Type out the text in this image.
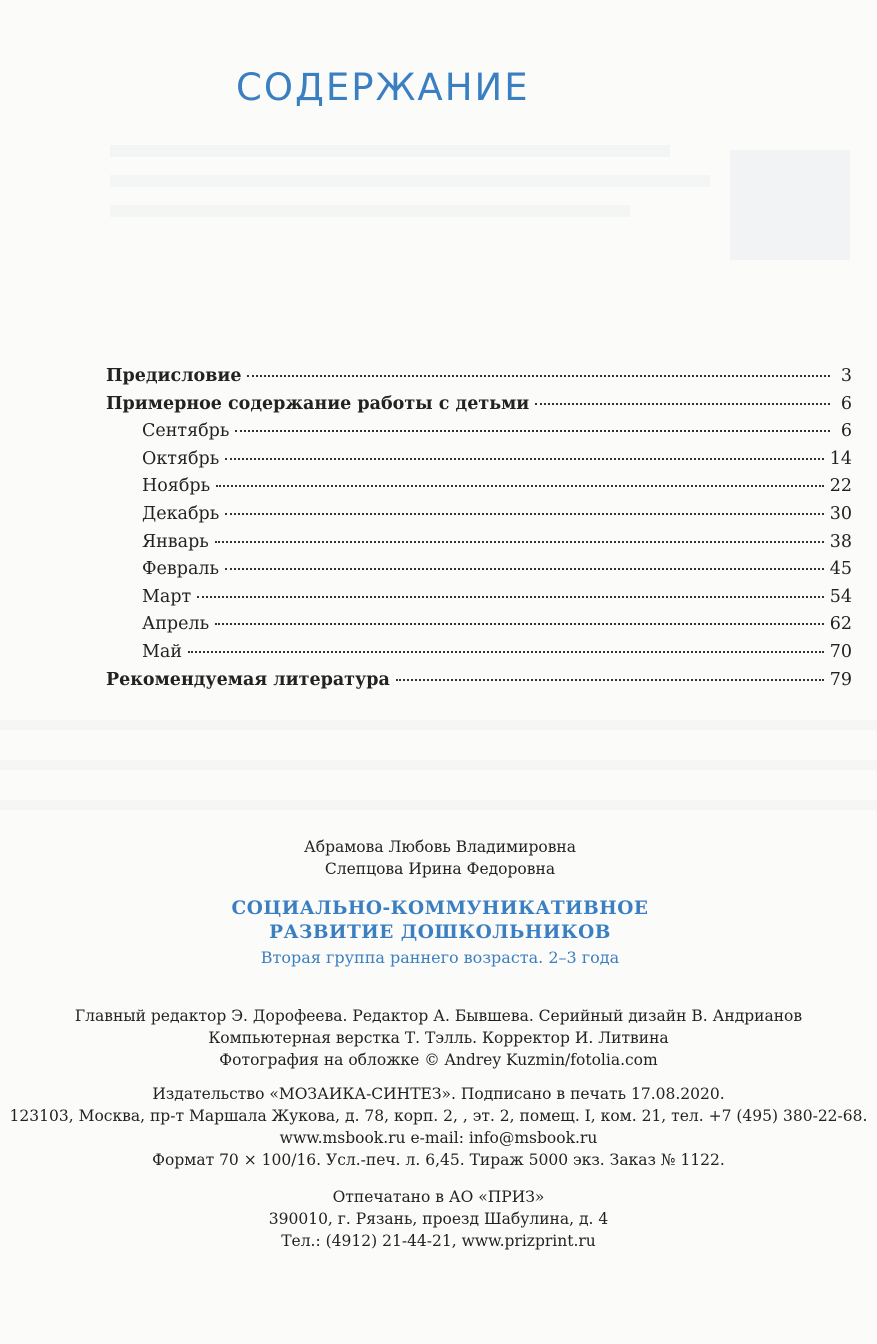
СОДЕРЖАНИЕ
Предисловие	3
Примерное содержание работы с детьми	6
Сентябрь	6
Октябрь	14
Ноябрь	22
Декабрь	30
Январь	38
Февраль	45
Март	54
Апрель	62
Май	70
Рекомендуемая литература	79

Абрамова Любовь Владимировна

Слепцова Ирина Федоровна

СОЦИАЛЬНО-КОММУНИКАТИВНОЕ

РАЗВИТИЕ ДОШКОЛЬНИКОВ

Вторая группа раннего возраста. 2–3 года

Главный редактор Э. Дорофеева. Редактор А. Бывшева. Серийный дизайн В. Андрианов

Компьютерная верстка Т. Тэлль. Корректор И. Литвина

Фотография на обложке © Andrey Kuzmin/fotolia.com

Издательство «МОЗАИКА-СИНТЕЗ». Подписано в печать 17.08.2020.

123103, Москва, пр-т Маршала Жукова, д. 78, корп. 2, , эт. 2, помещ. I, ком. 21, тел. +7 (495) 380-22-68.

www.msbook.ru e-mail: info@msbook.ru

Формат 70 × 100/16. Усл.-печ. л. 6,45. Тираж 5000 экз. Заказ № 1122.

Отпечатано в АО «ПРИЗ»

390010, г. Рязань, проезд Шабулина, д. 4

Тел.: (4912) 21-44-21, www.prizprint.ru
